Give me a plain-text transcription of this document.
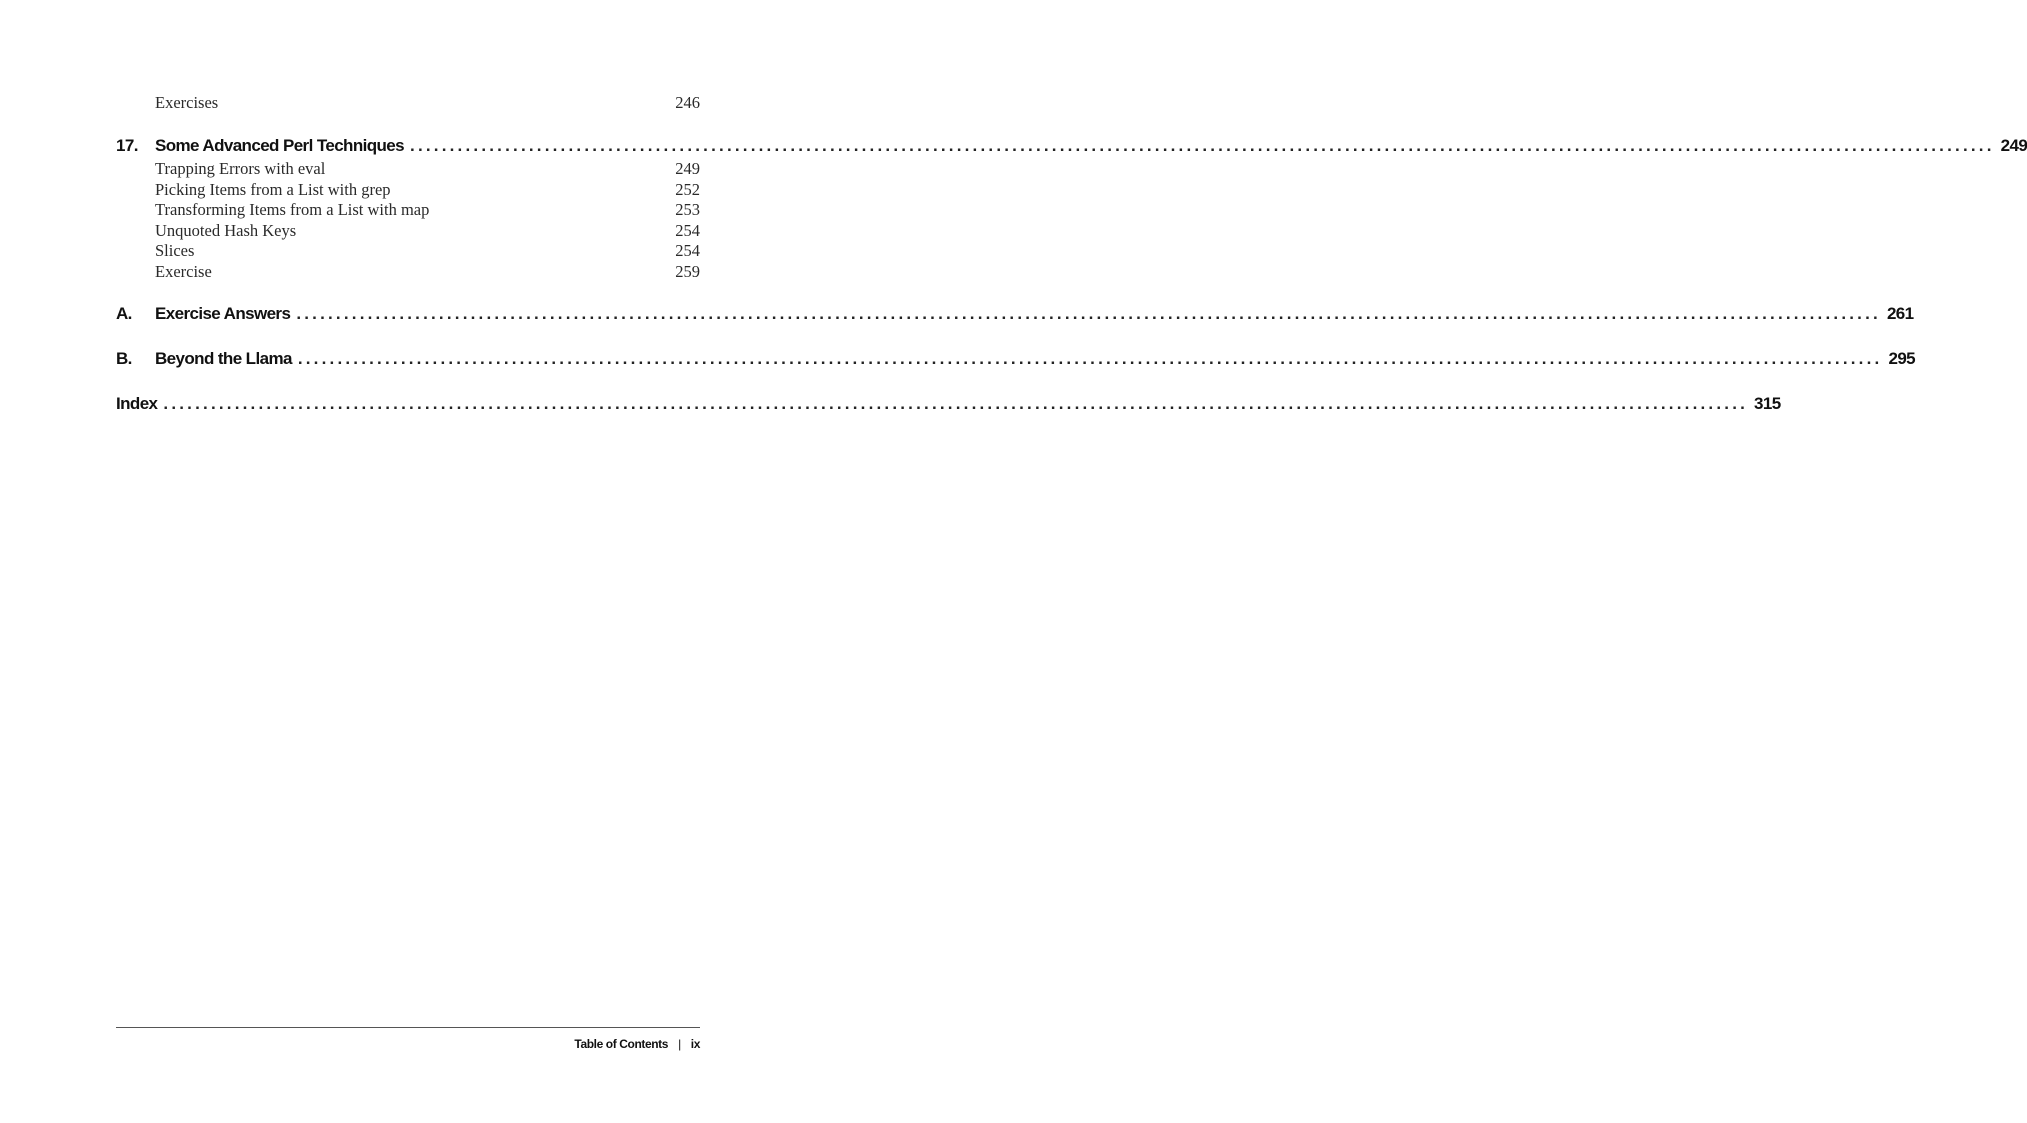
Exercises	246
17. Some Advanced Perl Techniques ........................................................................................................................................................................................................ 249
Trapping Errors with eval	249
Picking Items from a List with grep	252
Transforming Items from a List with map	253
Unquoted Hash Keys	254
Slices	254
Exercise	259
A. Exercise Answers ........................................................................................................................................................................................................ 261
B. Beyond the Llama ........................................................................................................................................................................................................ 295
Index ........................................................................................................................................................................................................ 315
Table of Contents | ix
